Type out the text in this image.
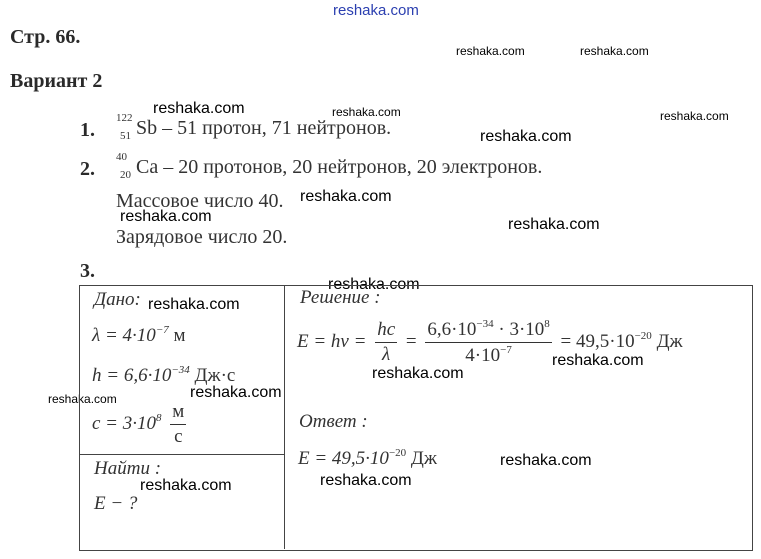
reshaka.com
reshaka.com	reshaka.com
reshaka.com	reshaka.com	reshaka.com
reshaka.com
reshaka.com
reshaka.com	reshaka.com
reshaka.com
reshaka.com
reshaka.com
reshaka.com
reshaka.com	reshaka.com
reshaka.com
reshaka.com
reshaka.com
Стр. 66.
Вариант 2
1.
122
51 Sb – 51 протон, 71 нейтронов.
2.
40
20 Ca – 20 протонов, 20 нейтронов, 20 электронов.
Массовое число 40.
Зарядовое число 20.
3.
Дано:
$\lambda = 4\cdot 10^{-7}$ м
$h = 6,6\cdot 10^{-34}$ Дж·с
$c = 3\cdot 10^8 \frac{м}{с}$
Найти :
E − ?
Решение :
$E = h\nu = \frac{hc}{\lambda} = \frac{6,6\cdot 10^{-34} \cdot 3\cdot 10^8}{4\cdot 10^{-7}} = 49,5\cdot 10^{-20}$ Дж
Ответ :
$E = 49,5\cdot 10^{-20}$ Дж
